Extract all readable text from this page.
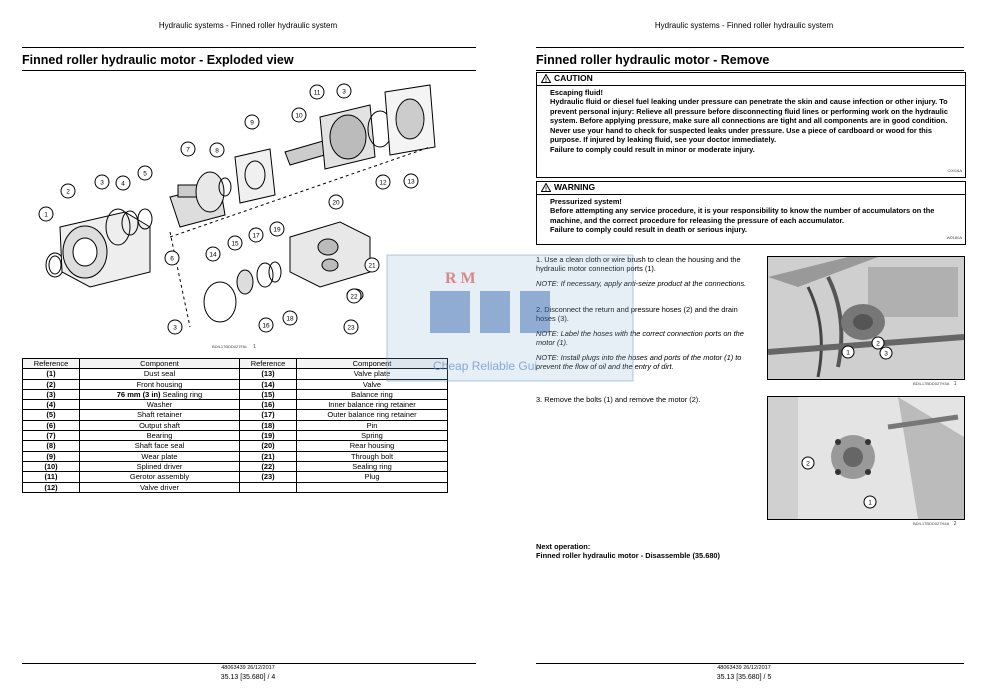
Hydraulic systems - Finned roller hydraulic system
Finned roller hydraulic motor - Exploded view
1
2
3	4
5
6
7	8
9
10
11	3
12	13
14
15
16
17
18
19
20
21
22
23
3
BDIL17BDD027FAL 1
Reference	Component	Reference	Component
(1)	Dust seal	(13)	Valve plate
(2)	Front housing	(14)	Valve
(3)	76 mm (3 in) Sealing ring	(15)	Balance ring
(4)	Washer	(16)	Inner balance ring retainer
(5)	Shaft retainer	(17)	Outer balance ring retainer
(6)	Output shaft	(18)	Pin
(7)	Bearing	(19)	Spring
(8)	Shaft face seal	(20)	Rear housing
(9)	Wear plate	(21)	Through bolt
(10)	Splined driver	(22)	Sealing ring
(11)	Gerotor assembly	(23)	Plug
(12)	Valve driver		
48063439 26/12/2017
35.13 [35.680] / 4
Hydraulic systems - Finned roller hydraulic system
Finned roller hydraulic motor - Remove
! CAUTION
Escaping fluid!
Hydraulic fluid or diesel fuel leaking under pressure can penetrate the skin and cause infection or other injury. To prevent personal injury: Relieve all pressure before disconnecting fluid lines or performing work on the hydraulic system. Before applying pressure, make sure all connections are tight and all components are in good condition. Never use your hand to check for suspected leaks under pressure. Use a piece of cardboard or wood for this purpose. If injured by leaking fluid, see your doctor immediately.
Failure to comply could result in minor or moderate injury.
C0016A
! WARNING
Pressurized system!
Before attempting any service procedure, it is your responsibility to know the number of accumulators on the machine, and the correct procedure for releasing the pressure of each accumulator.
Failure to comply could result in death or serious injury.
W0180A
1. Use a clean cloth or wire brush to clean the housing and the hydraulic motor connection ports (1).
NOTE: If necessary, apply anti-seize product at the connections.
2. Disconnect the return and pressure hoses (2) and the drain hoses (3).
NOTE: Label the hoses with the correct connection ports on the motor (1).
NOTE: Install plugs into the hoses and ports of the motor (1) to prevent the flow of oil and the entry of dirt.
3. Remove the bolts (1) and remove the motor (2).
1
2
3
BDIL17BDD027H3A 1
2
1
BDIL17BDD027H4A 2
Next operation:
Finned roller hydraulic motor - Disassemble (35.680)
48063439 26/12/2017
35.13 [35.680] / 5
R M
Cheap Reliable Gui
